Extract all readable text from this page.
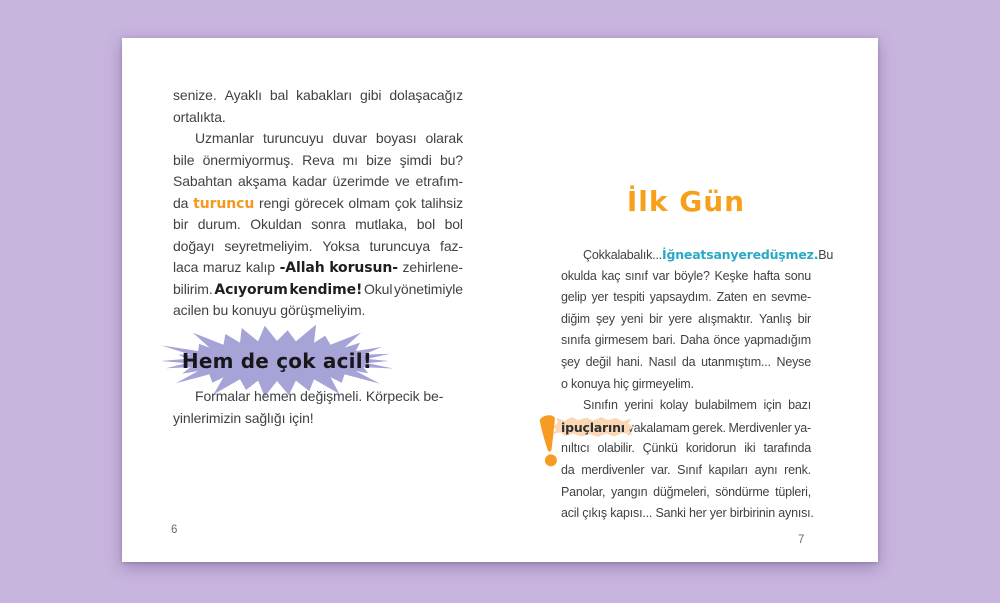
senize. Ayaklı bal kabakları gibi dolaşacağız
ortalıkta.
Uzmanlar turuncuyu duvar boyası olarak
bile önermiyormuş. Reva mı bize şimdi bu?
Sabahtan akşama kadar üzerimde ve etrafım-
da turuncu rengi görecek olmam çok talihsiz
bir durum. Okuldan sonra mutlaka, bol bol
doğayı seyretmeliyim. Yoksa turuncuya faz-
laca maruz kalıp -Allah korusun- zehirlene-
bilirim. Acıyorum kendime! Okul yönetimiyle
acilen bu konuyu görüşmeliyim.
Hem de çok acil!
Formalar hemen değişmeli. Körpecik be-
yinlerimizin sağlığı için!
6
İlk Gün
Çok kalabalık... İğne atsan yere düşmez. Bu
okulda kaç sınıf var böyle? Keşke hafta sonu
gelip yer tespiti yapsaydım. Zaten en sevme-
diğim şey yeni bir yere alışmaktır. Yanlış bir
sınıfa girmesem bari. Daha önce yapmadığım
şey değil hani. Nasıl da utanmıştım... Neyse
o konuya hiç girmeyelim.
Sınıfın yerini kolay bulabilmem için bazı
ipuçlarını yakalamam gerek. Merdivenler ya-
nıltıcı olabilir. Çünkü koridorun iki tarafında
da merdivenler var. Sınıf kapıları aynı renk.
Panolar, yangın düğmeleri, söndürme tüpleri,
acil çıkış kapısı... Sanki her yer birbirinin aynısı.
7
